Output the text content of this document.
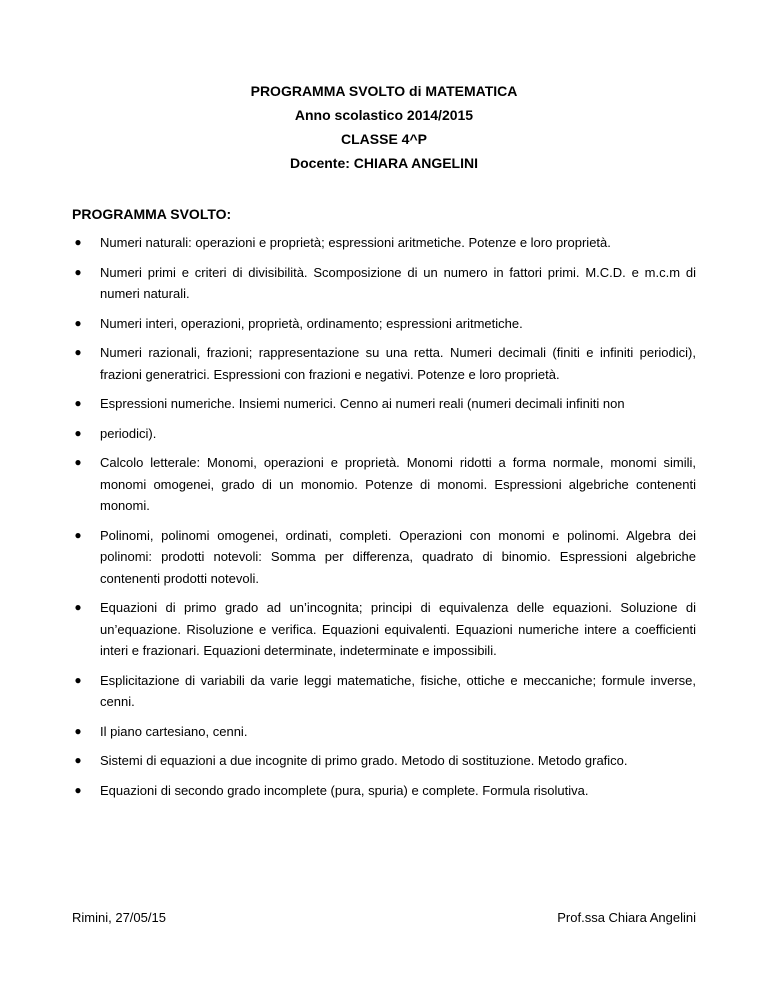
PROGRAMMA SVOLTO di MATEMATICA
Anno scolastico 2014/2015
CLASSE 4^P
Docente: CHIARA ANGELINI
PROGRAMMA SVOLTO:
● Numeri naturali: operazioni e proprietà; espressioni aritmetiche. Potenze e loro proprietà.
● Numeri primi e criteri di divisibilità. Scomposizione di un numero in fattori primi. M.C.D. e m.c.m di numeri naturali.
● Numeri interi, operazioni, proprietà, ordinamento; espressioni aritmetiche.
● Numeri razionali, frazioni; rappresentazione su una retta. Numeri decimali (finiti e infiniti periodici), frazioni generatrici. Espressioni con frazioni e negativi. Potenze e loro proprietà.
● Espressioni numeriche. Insiemi numerici. Cenno ai numeri reali (numeri decimali infiniti non
● periodici).
● Calcolo letterale: Monomi, operazioni e proprietà. Monomi ridotti a forma normale, monomi simili, monomi omogenei, grado di un monomio. Potenze di monomi. Espressioni algebriche contenenti monomi.
● Polinomi, polinomi omogenei, ordinati, completi. Operazioni con monomi e polinomi. Algebra dei polinomi: prodotti notevoli: Somma per differenza, quadrato di binomio. Espressioni algebriche contenenti prodotti notevoli.
● Equazioni di primo grado ad un’incognita; principi di equivalenza delle equazioni. Soluzione di un’equazione. Risoluzione e verifica. Equazioni equivalenti. Equazioni numeriche intere a coefficienti interi e frazionari. Equazioni determinate, indeterminate e impossibili.
● Esplicitazione di variabili da varie leggi matematiche, fisiche, ottiche e meccaniche; formule inverse, cenni.
● Il piano cartesiano, cenni.
● Sistemi di equazioni a due incognite di primo grado. Metodo di sostituzione. Metodo grafico.
● Equazioni di secondo grado incomplete (pura, spuria) e complete. Formula risolutiva.
Rimini, 27/05/15	Prof.ssa Chiara Angelini
